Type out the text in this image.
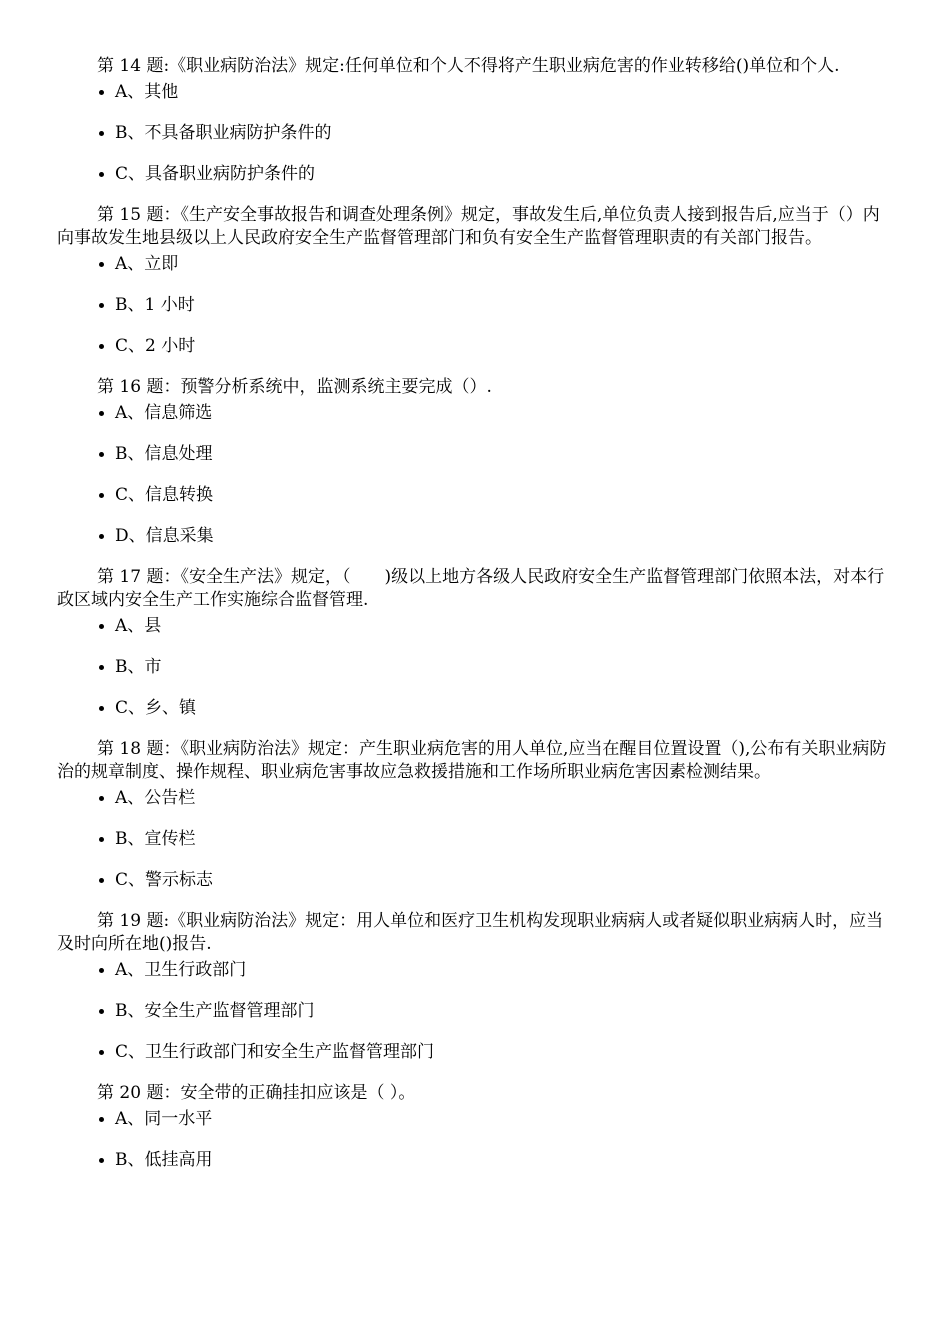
第 14 题:《职业病防治法》规定:任何单位和个人不得将产生职业病危害的作业转移给()单位和个人.

A、其他
B、不具备职业病防护条件的
C、具备职业病防护条件的

第 15 题：《生产安全事故报告和调查处理条例》规定，事故发生后,单位负责人接到报告后,应当于（）内向事故发生地县级以上人民政府安全生产监督管理部门和负有安全生产监督管理职责的有关部门报告。

A、立即
B、1 小时
C、2 小时

第 16 题：预警分析系统中，监测系统主要完成（）.

A、信息筛选
B、信息处理
C、信息转换
D、信息采集

第 17 题：《安全生产法》规定，（　　)级以上地方各级人民政府安全生产监督管理部门依照本法，对本行政区域内安全生产工作实施综合监督管理.

A、县
B、市
C、乡、镇

第 18 题：《职业病防治法》规定：产生职业病危害的用人单位,应当在醒目位置设置（),公布有关职业病防治的规章制度、操作规程、职业病危害事故应急救援措施和工作场所职业病危害因素检测结果。

A、公告栏
B、宣传栏
C、警示标志

第 19 题:《职业病防治法》规定：用人单位和医疗卫生机构发现职业病病人或者疑似职业病病人时，应当及时向所在地()报告.

A、卫生行政部门
B、安全生产监督管理部门
C、卫生行政部门和安全生产监督管理部门

第 20 题：安全带的正确挂扣应该是（ ）。

A、同一水平
B、低挂高用
